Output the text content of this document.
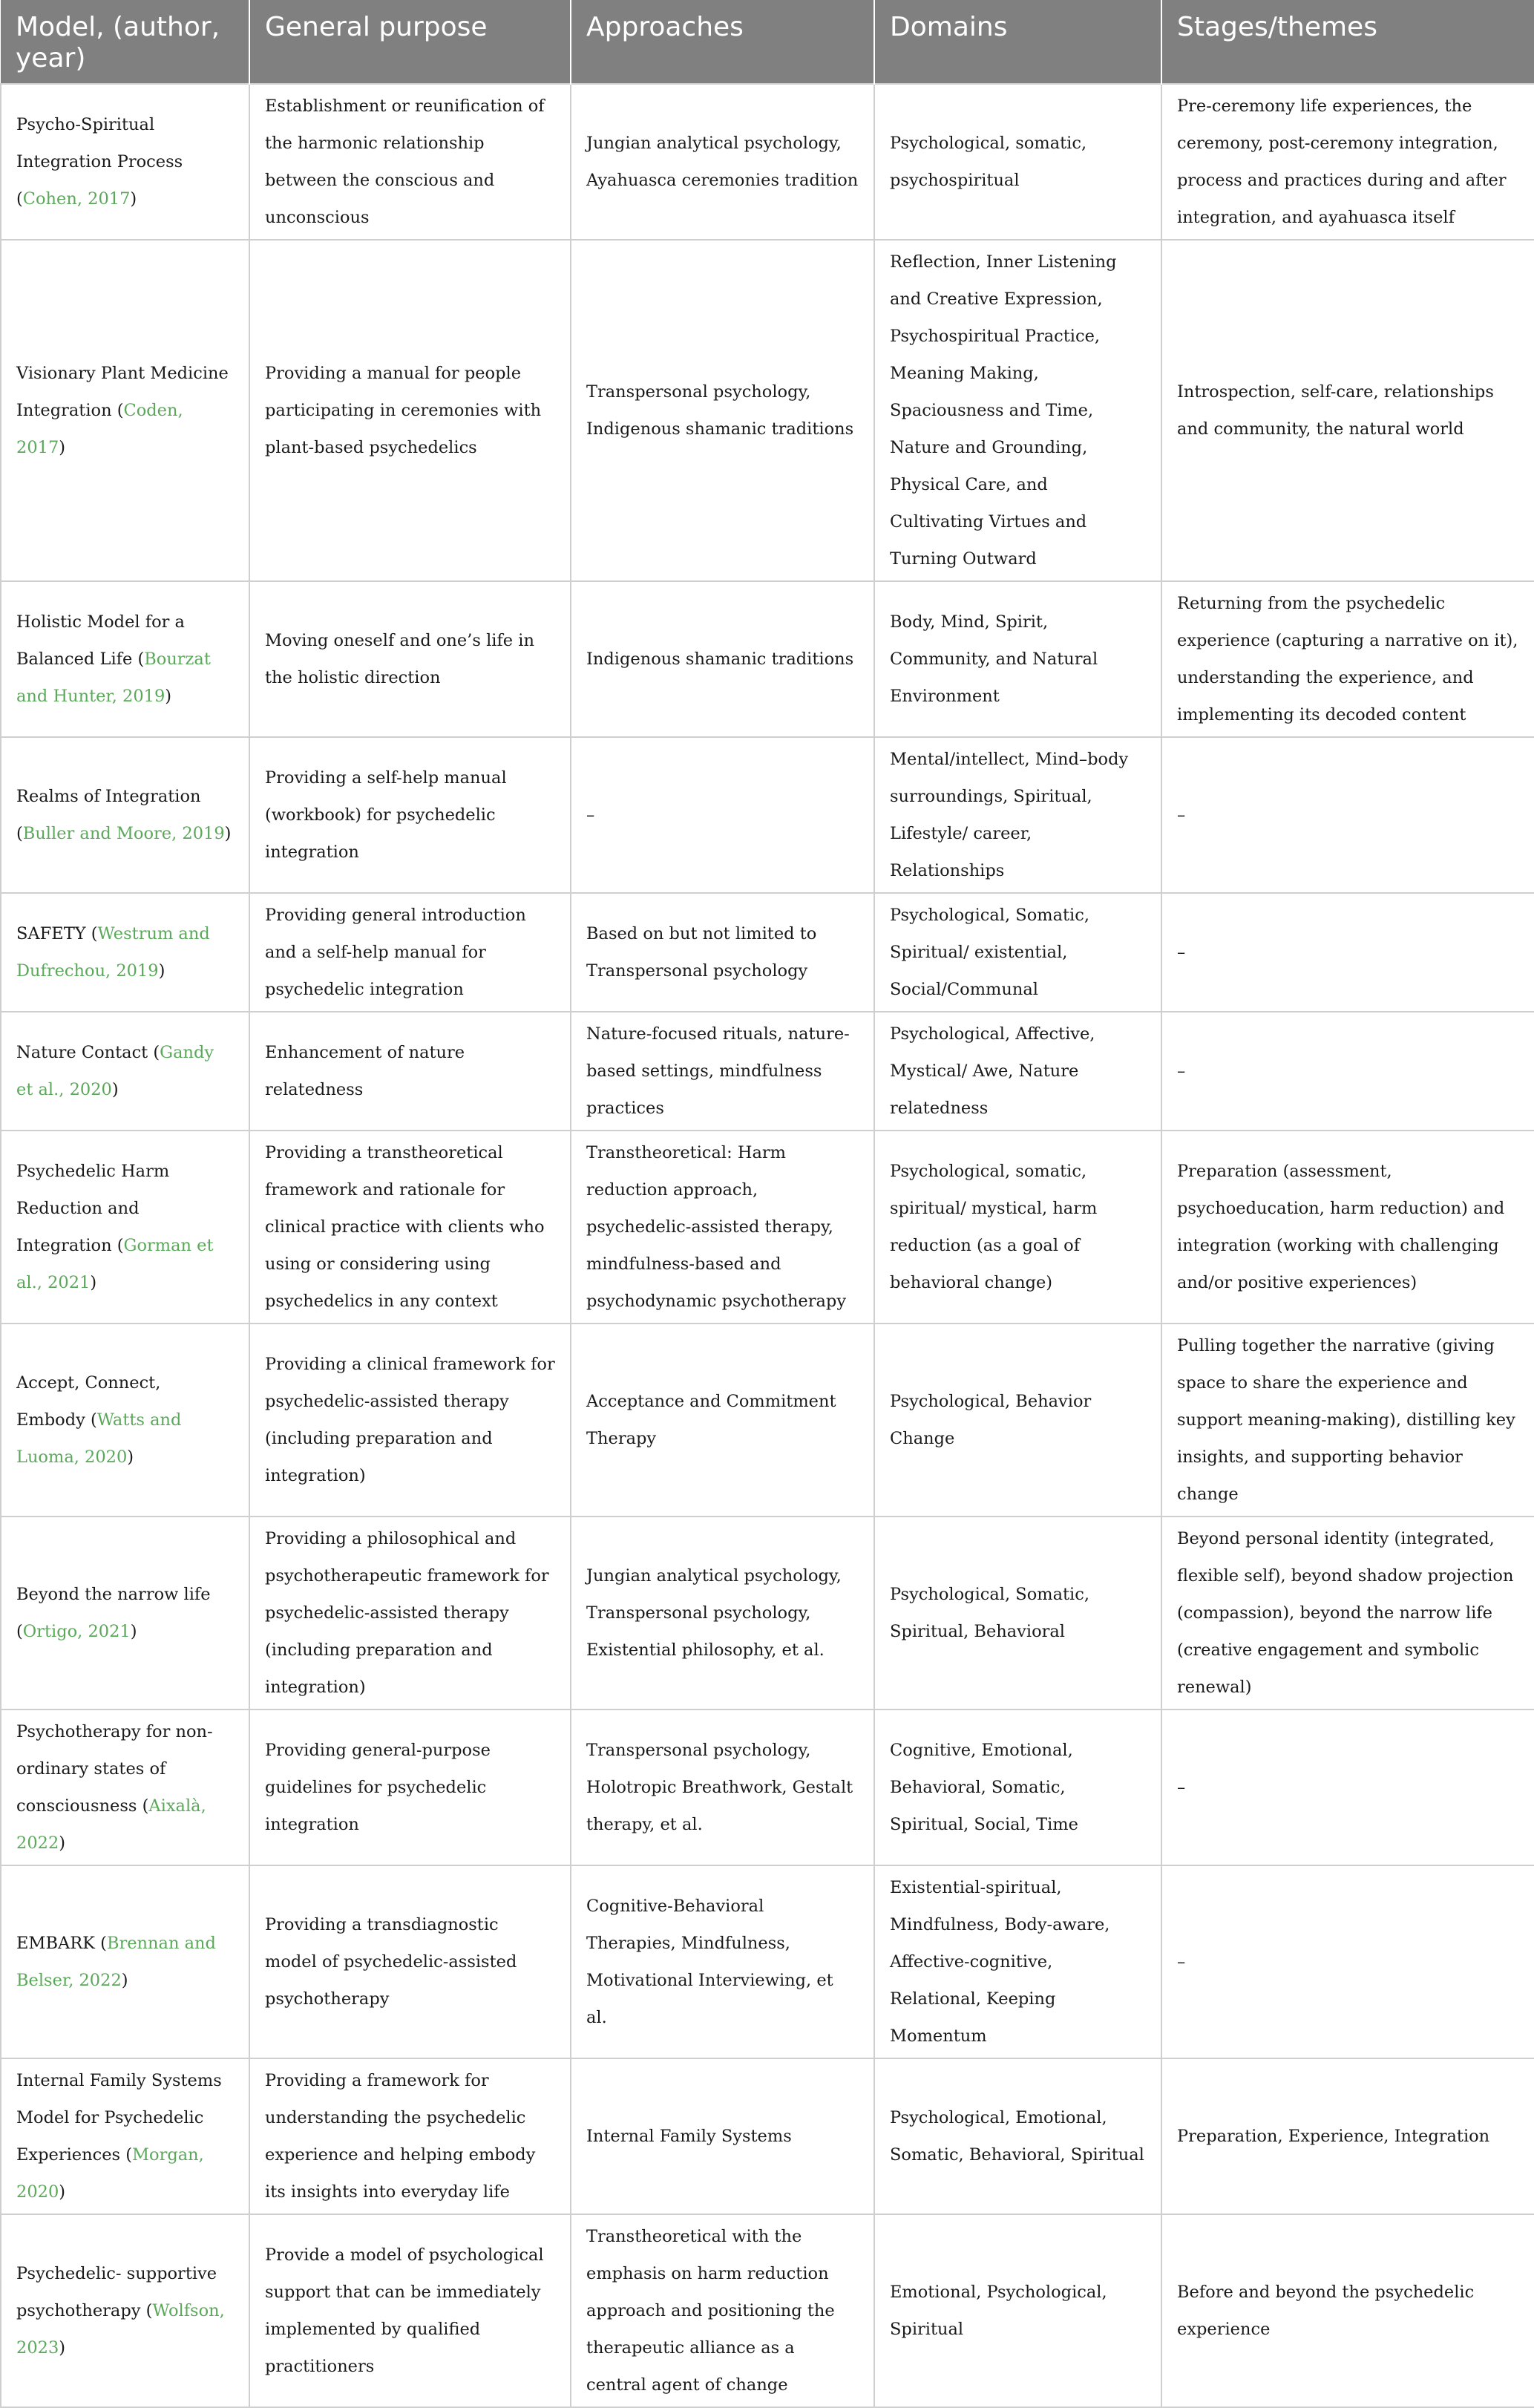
Model, (author, year)	General purpose	Approaches	Domains	Stages/themes
Psycho-Spiritual Integration Process (Cohen, 2017)	Establishment or reunification of the harmonic relationship between the conscious and unconscious	Jungian analytical psychology, Ayahuasca ceremonies tradition	Psychological, somatic, psychospiritual	Pre-ceremony life experiences, the ceremony, post-ceremony integration, process and practices during and after integration, and ayahuasca itself
Visionary Plant Medicine Integration (Coden, 2017)	Providing a manual for people participating in ceremonies with plant-based psychedelics	Transpersonal psychology, Indigenous shamanic traditions	Reflection, Inner Listening and Creative Expression, Psychospiritual Practice, Meaning Making, Spaciousness and Time, Nature and Grounding, Physical Care, and Cultivating Virtues and Turning Outward	Introspection, self-care, relationships and community, the natural world
Holistic Model for a Balanced Life (Bourzat and Hunter, 2019)	Moving oneself and one’s life in the holistic direction	Indigenous shamanic traditions	Body, Mind, Spirit, Community, and Natural Environment	Returning from the psychedelic experience (capturing a narrative on it), understanding the experience, and implementing its decoded content
Realms of Integration (Buller and Moore, 2019)	Providing a self-help manual (workbook) for psychedelic integration	–	Mental/intellect, Mind–body surroundings, Spiritual, Lifestyle/ career, Relationships	–
SAFETY (Westrum and Dufrechou, 2019)	Providing general introduction and a self-help manual for psychedelic integration	Based on but not limited to Transpersonal psychology	Psychological, Somatic, Spiritual/ existential, Social/Communal	–
Nature Contact (Gandy et al., 2020)	Enhancement of nature relatedness	Nature-focused rituals, nature-based settings, mindfulness practices	Psychological, Affective, Mystical/ Awe, Nature relatedness	–
Psychedelic Harm Reduction and Integration (Gorman et al., 2021)	Providing a transtheoretical framework and rationale for clinical practice with clients who using or considering using psychedelics in any context	Transtheoretical: Harm reduction approach, psychedelic-assisted therapy, mindfulness-based and psychodynamic psychotherapy	Psychological, somatic, spiritual/ mystical, harm reduction (as a goal of behavioral change)	Preparation (assessment, psychoeducation, harm reduction) and integration (working with challenging and/or positive experiences)
Accept, Connect, Embody (Watts and Luoma, 2020)	Providing a clinical framework for psychedelic-assisted therapy (including preparation and integration)	Acceptance and Commitment Therapy	Psychological, Behavior Change	Pulling together the narrative (giving space to share the experience and support meaning-making), distilling key insights, and supporting behavior change
Beyond the narrow life (Ortigo, 2021)	Providing a philosophical and psychotherapeutic framework for psychedelic-assisted therapy (including preparation and integration)	Jungian analytical psychology, Transpersonal psychology, Existential philosophy, et al.	Psychological, Somatic, Spiritual, Behavioral	Beyond personal identity (integrated, flexible self), beyond shadow projection (compassion), beyond the narrow life (creative engagement and symbolic renewal)
Psychotherapy for non-ordinary states of consciousness (Aixalà, 2022)	Providing general-purpose guidelines for psychedelic integration	Transpersonal psychology, Holotropic Breathwork, Gestalt therapy, et al.	Cognitive, Emotional, Behavioral, Somatic, Spiritual, Social, Time	–
EMBARK (Brennan and Belser, 2022)	Providing a transdiagnostic model of psychedelic-assisted psychotherapy	Cognitive-Behavioral Therapies, Mindfulness, Motivational Interviewing, et al.	Existential-spiritual, Mindfulness, Body-aware, Affective-cognitive, Relational, Keeping Momentum	–
Internal Family Systems Model for Psychedelic Experiences (Morgan, 2020)	Providing a framework for understanding the psychedelic experience and helping embody its insights into everyday life	Internal Family Systems	Psychological, Emotional, Somatic, Behavioral, Spiritual	Preparation, Experience, Integration
Psychedelic- supportive psychotherapy (Wolfson, 2023)	Provide a model of psychological support that can be immediately implemented by qualified practitioners	Transtheoretical with the emphasis on harm reduction approach and positioning the therapeutic alliance as a central agent of change	Emotional, Psychological, Spiritual	Before and beyond the psychedelic experience
